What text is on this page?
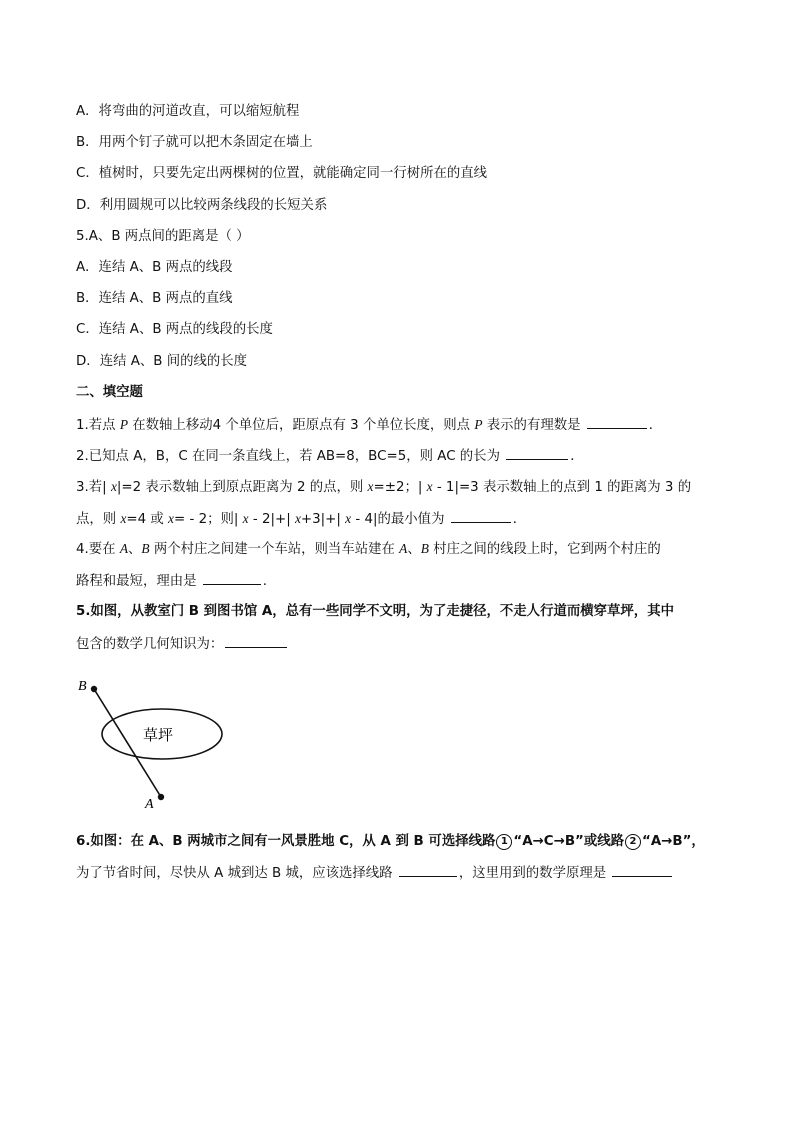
A．将弯曲的河道改直，可以缩短航程
B．用两个钉子就可以把木条固定在墙上
C．植树时，只要先定出两棵树的位置，就能确定同一行树所在的直线
D．利用圆规可以比较两条线段的长短关系
5.A、B 两点间的距离是（ ）
A．连结 A、B 两点的线段
B．连结 A、B 两点的直线
C．连结 A、B 两点的线段的长度
D．连结 A、B 间的线的长度
二、填空题
1.若点 P 在数轴上移动4 个单位后，距原点有 3 个单位长度，则点 P 表示的有理数是	．
2.已知点 A，B，C 在同一条直线上，若 AB=8，BC=5，则 AC 的长为	．
3.若| x|=2 表示数轴上到原点距离为 2 的点，则 x=±2；| x - 1|=3 表示数轴上的点到 1 的距离为 3 的
点，则 x=4 或 x= - 2；则| x - 2|+| x+3|+| x - 4|的最小值为	．
4.要在 A、B 两个村庄之间建一个车站，则当车站建在 A、B 村庄之间的线段上时，它到两个村庄的
路程和最短，理由是	.
5.如图，从教室门 B 到图书馆 A，总有一些同学不文明，为了走捷径，不走人行道而横穿草坪，其中
包含的数学几何知识为：
B
A
草坪
6.如图：在 A、B 两城市之间有一风景胜地 C，从 A 到 B 可选择线路 1 “A→C→B”或线路 2 “A→B”，
为了节省时间，尽快从 A 城到达 B 城，应该选择线路	，这里用到的数学原理是
